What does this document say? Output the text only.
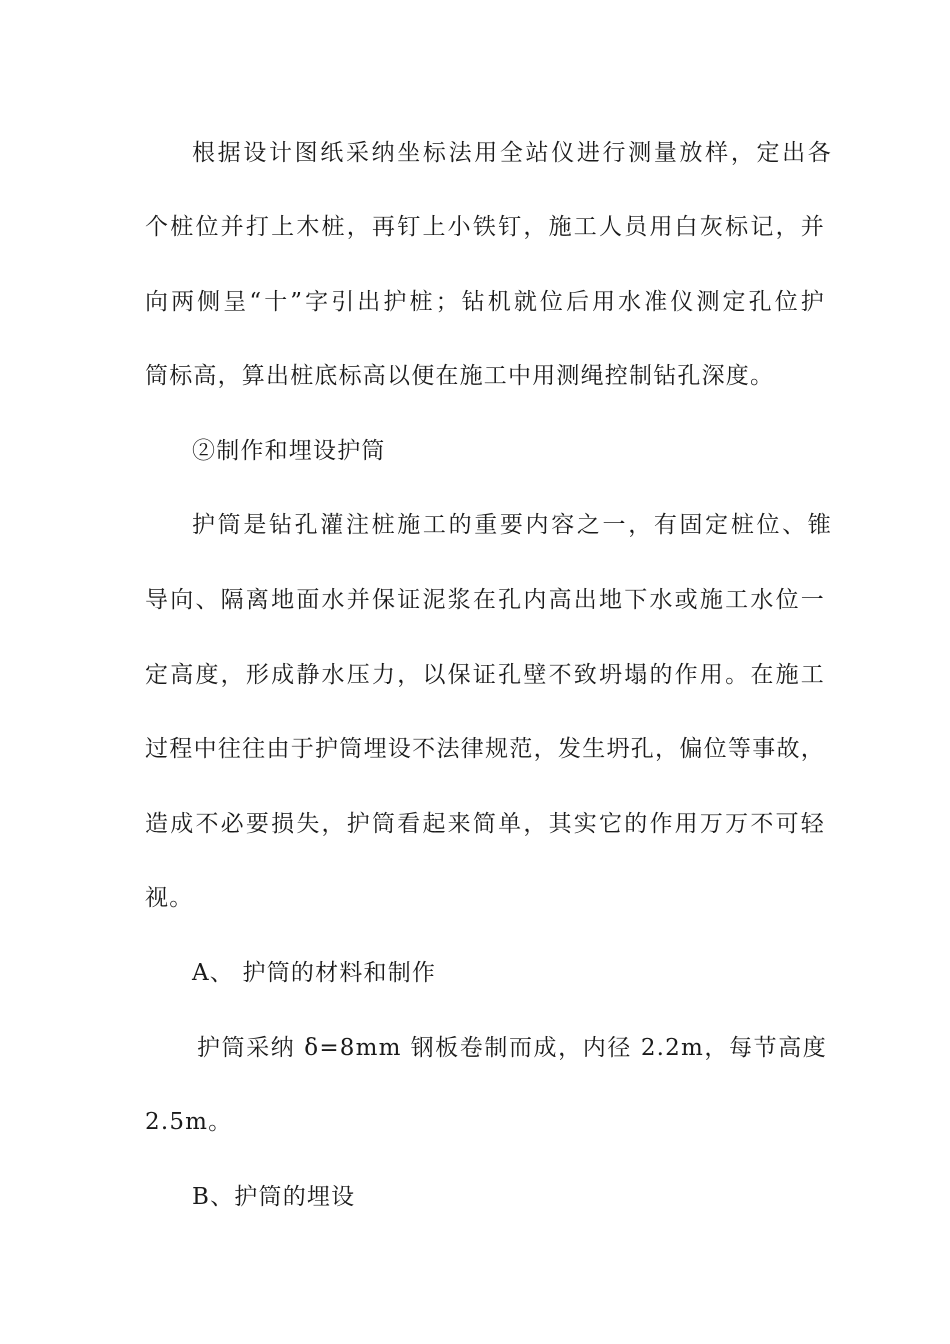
根据设计图纸采纳坐标法用全站仪进行测量放样，定出各
个桩位并打上木桩，再钉上小铁钉，施工人员用白灰标记，并
向两侧呈“十”字引出护桩；钻机就位后用水准仪测定孔位护
筒标高，算出桩底标高以便在施工中用测绳控制钻孔深度。
②制作和埋设护筒
护筒是钻孔灌注桩施工的重要内容之一，有固定桩位、锥
导向、隔离地面水并保证泥浆在孔内高出地下水或施工水位一
定高度，形成静水压力，以保证孔壁不致坍塌的作用。在施工
过程中往往由于护筒埋设不法律规范，发生坍孔，偏位等事故，
造成不必要损失，护筒看起来简单，其实它的作用万万不可轻
视。
A、 护筒的材料和制作
护筒采纳 δ=8mm 钢板卷制而成，内径 2.2m，每节高度
2.5m。
B、护筒的埋设
